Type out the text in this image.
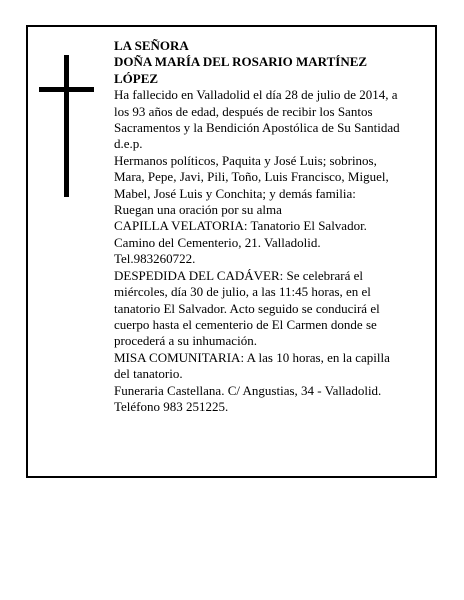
LA SEÑORA
DOÑA MARÍA DEL ROSARIO MARTÍNEZ
LÓPEZ
Ha fallecido en Valladolid el día 28 de julio de 2014, a
los 93 años de edad, después de recibir los Santos
Sacramentos y la Bendición Apostólica de Su Santidad
d.e.p.
Hermanos políticos, Paquita y José Luis; sobrinos,
Mara, Pepe, Javi, Pili, Toño, Luis Francisco, Miguel,
Mabel, José Luis y Conchita; y demás familia:
Ruegan una oración por su alma
CAPILLA VELATORIA: Tanatorio El Salvador.
Camino del Cementerio, 21. Valladolid.
Tel.983260722.
DESPEDIDA DEL CADÁVER: Se celebrará el
miércoles, día 30 de julio, a las 11:45 horas, en el
tanatorio El Salvador. Acto seguido se conducirá el
cuerpo hasta el cementerio de El Carmen donde se
procederá a su inhumación.
MISA COMUNITARIA: A las 10 horas, en la capilla
del tanatorio.
Funeraria Castellana. C/ Angustias, 34 - Valladolid.
Teléfono 983 251225.
